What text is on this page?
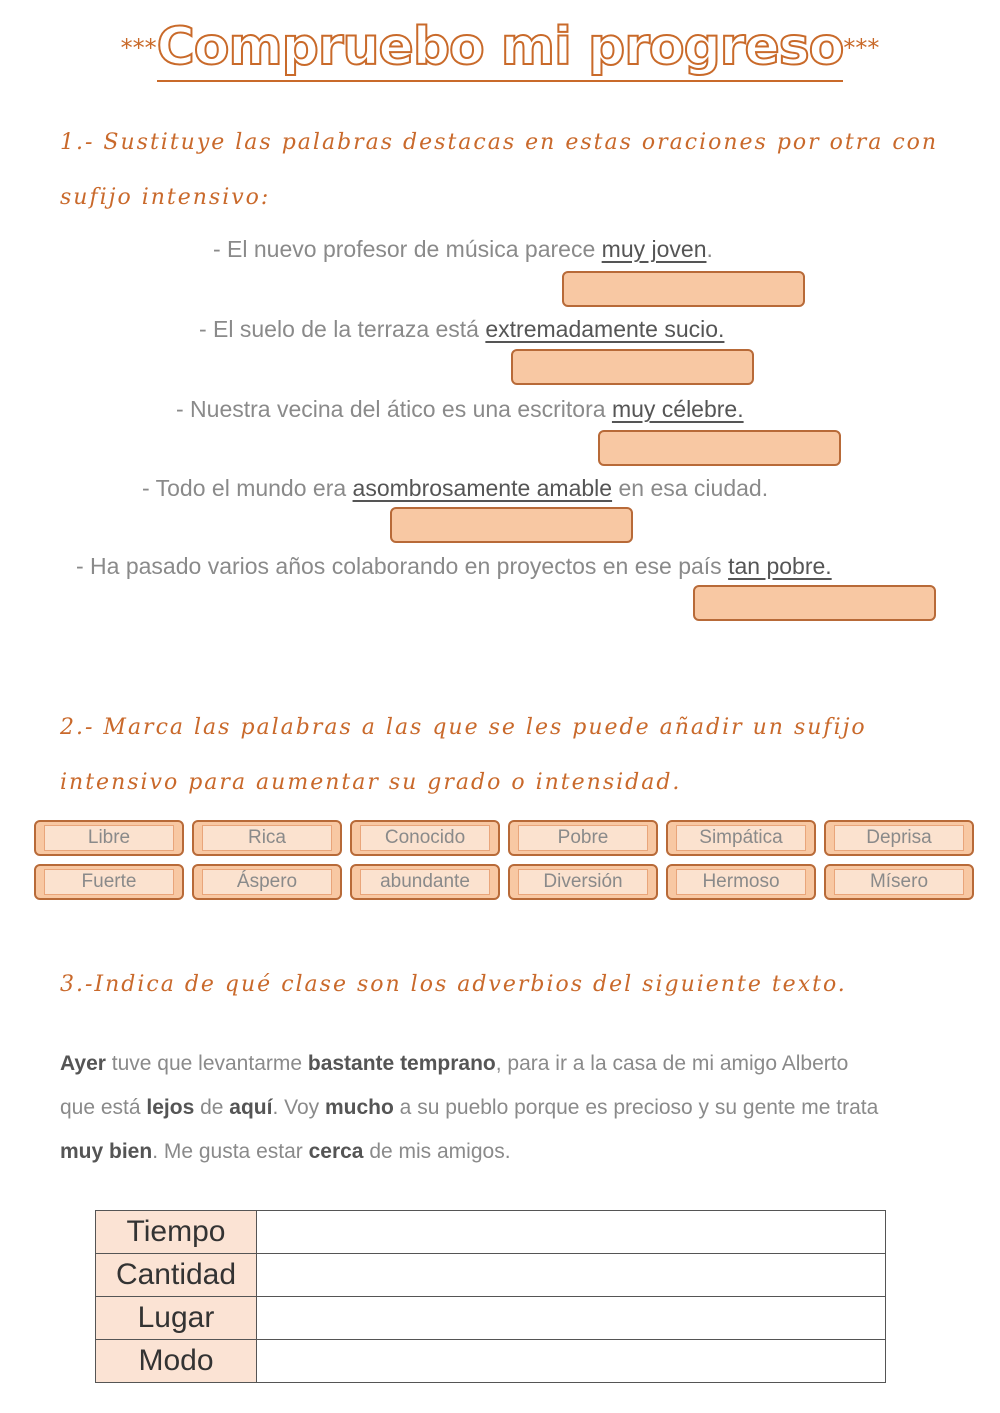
***Compruebo mi progreso***
1.- Sustituye las palabras destacas en estas oraciones por otra con
sufijo intensivo:
- El nuevo profesor de música parece muy joven.
- El suelo de la terraza está extremadamente sucio.
- Nuestra vecina del ático es una escritora muy célebre.
- Todo el mundo era asombrosamente amable en esa ciudad.
- Ha pasado varios años colaborando en proyectos en ese país tan pobre.
2.- Marca las palabras a las que se les puede añadir un sufijo
intensivo para aumentar su grado o intensidad.
Libre	Rica	Conocido	Pobre	Simpática	Deprisa
Fuerte	Áspero	abundante	Diversión	Hermoso	Mísero
3.-Indica de qué clase son los adverbios del siguiente texto.
Ayer tuve que levantarme bastante temprano, para ir a la casa de mi amigo Alberto
que está lejos de aquí. Voy mucho a su pueblo porque es precioso y su gente me trata
muy bien. Me gusta estar cerca de mis amigos.
Tiempo	
Cantidad	
Lugar	
Modo	
